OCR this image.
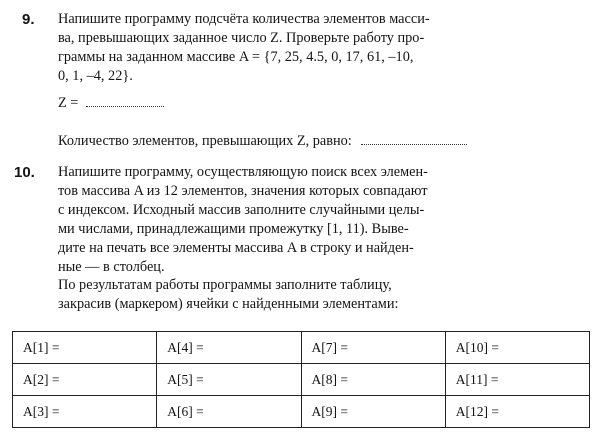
9. Напишите программу подсчёта количества элементов масси-
ва, превышающих заданное число Z. Проверьте работу про-
граммы на заданном массиве A = {7, 25, 4.5, 0, 17, 61, –10,
0, 1, –4, 22}.
Z =
Количество элементов, превышающих Z, равно:
10. Напишите программу, осуществляющую поиск всех элемен-
тов массива A из 12 элементов, значения которых совпадают
с индексом. Исходный массив заполните случайными целы-
ми числами, принадлежащими промежутку [1, 11). Выве-
дите на печать все элементы массива A в строку и найден-
ные — в столбец.
По результатам работы программы заполните таблицу,
закрасив (маркером) ячейки с найденными элементами:
A[1] =	A[4] =	A[7] =	A[10] =
A[2] =	A[5] =	A[8] =	A[11] =
A[3] =	A[6] =	A[9] =	A[12] =
